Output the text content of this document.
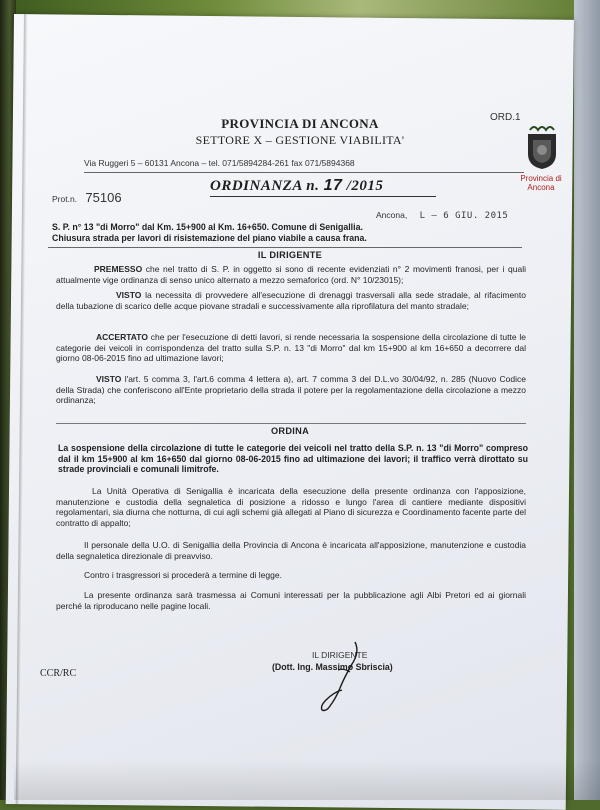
PROVINCIA DI ANCONA
SETTORE X – GESTIONE VIABILITA'
Via Ruggeri 5 – 60131 Ancona – tel. 071/5894284-261 fax 071/5894368
ORD.1
Provincia di Ancona
ORDINANZA n. 17 /2015
Prot.n. 75106
Ancona, L – 6 GIU. 2015
S. P. n° 13 "di Morro" dal Km. 15+900 al Km. 16+650. Comune di Senigallia.
Chiusura strada per lavori di risistemazione del piano viabile a causa frana.
IL DIRIGENTE
PREMESSO che nel tratto di S. P. in oggetto si sono di recente evidenziati n° 2 movimenti franosi, per i quali attualmente vige ordinanza di senso unico alternato a mezzo semaforico (ord. N° 10/23015);
VISTO la necessita di provvedere all'esecuzione di drenaggi trasversali alla sede stradale, al rifacimento della tubazione di scarico delle acque piovane stradali e successivamente alla riprofilatura del manto stradale;
ACCERTATO che per l'esecuzione di detti lavori, si rende necessaria la sospensione della circolazione di tutte le categorie dei veicoli in corrispondenza del tratto sulla S.P. n. 13 "di Morro" dal km 15+900 al km 16+650 a decorrere dal giorno 08-06-2015 fino ad ultimazione lavori;
VISTO l'art. 5 comma 3, l'art.6 comma 4 lettera a), art. 7 comma 3 del D.L.vo 30/04/92, n. 285 (Nuovo Codice della Strada) che conferiscono all'Ente proprietario della strada il potere per la regolamentazione della circolazione a mezzo ordinanza;
ORDINA
La sospensione della circolazione di tutte le categorie dei veicoli nel tratto della S.P. n. 13 "di Morro" compreso dal il km 15+900 al km 16+650 dal giorno 08-06-2015 fino ad ultimazione dei lavori; il traffico verrà dirottato su strade provinciali e comunali limitrofe.
La Unità Operativa di Senigallia è incaricata della esecuzione della presente ordinanza con l'apposizione, manutenzione e custodia della segnaletica di posizione a ridosso e lungo l'area di cantiere mediante dispositivi regolamentari, sia diurna che notturna, di cui agli schemi già allegati al Piano di sicurezza e Coordinamento facente parte del contratto di appalto;
Il personale della U.O. di Senigallia della Provincia di Ancona è incaricata all'apposizione, manutenzione e custodia della segnaletica direzionale di preavviso.
Contro i trasgressori si procederà a termine di legge.
La presente ordinanza sarà trasmessa ai Comuni interessati per la pubblicazione agli Albi Pretori ed ai giornali perché la riproducano nelle pagine locali.
IL DIRIGENTE
(Dott. Ing. Massimo Sbriscia)
CCR/RC
